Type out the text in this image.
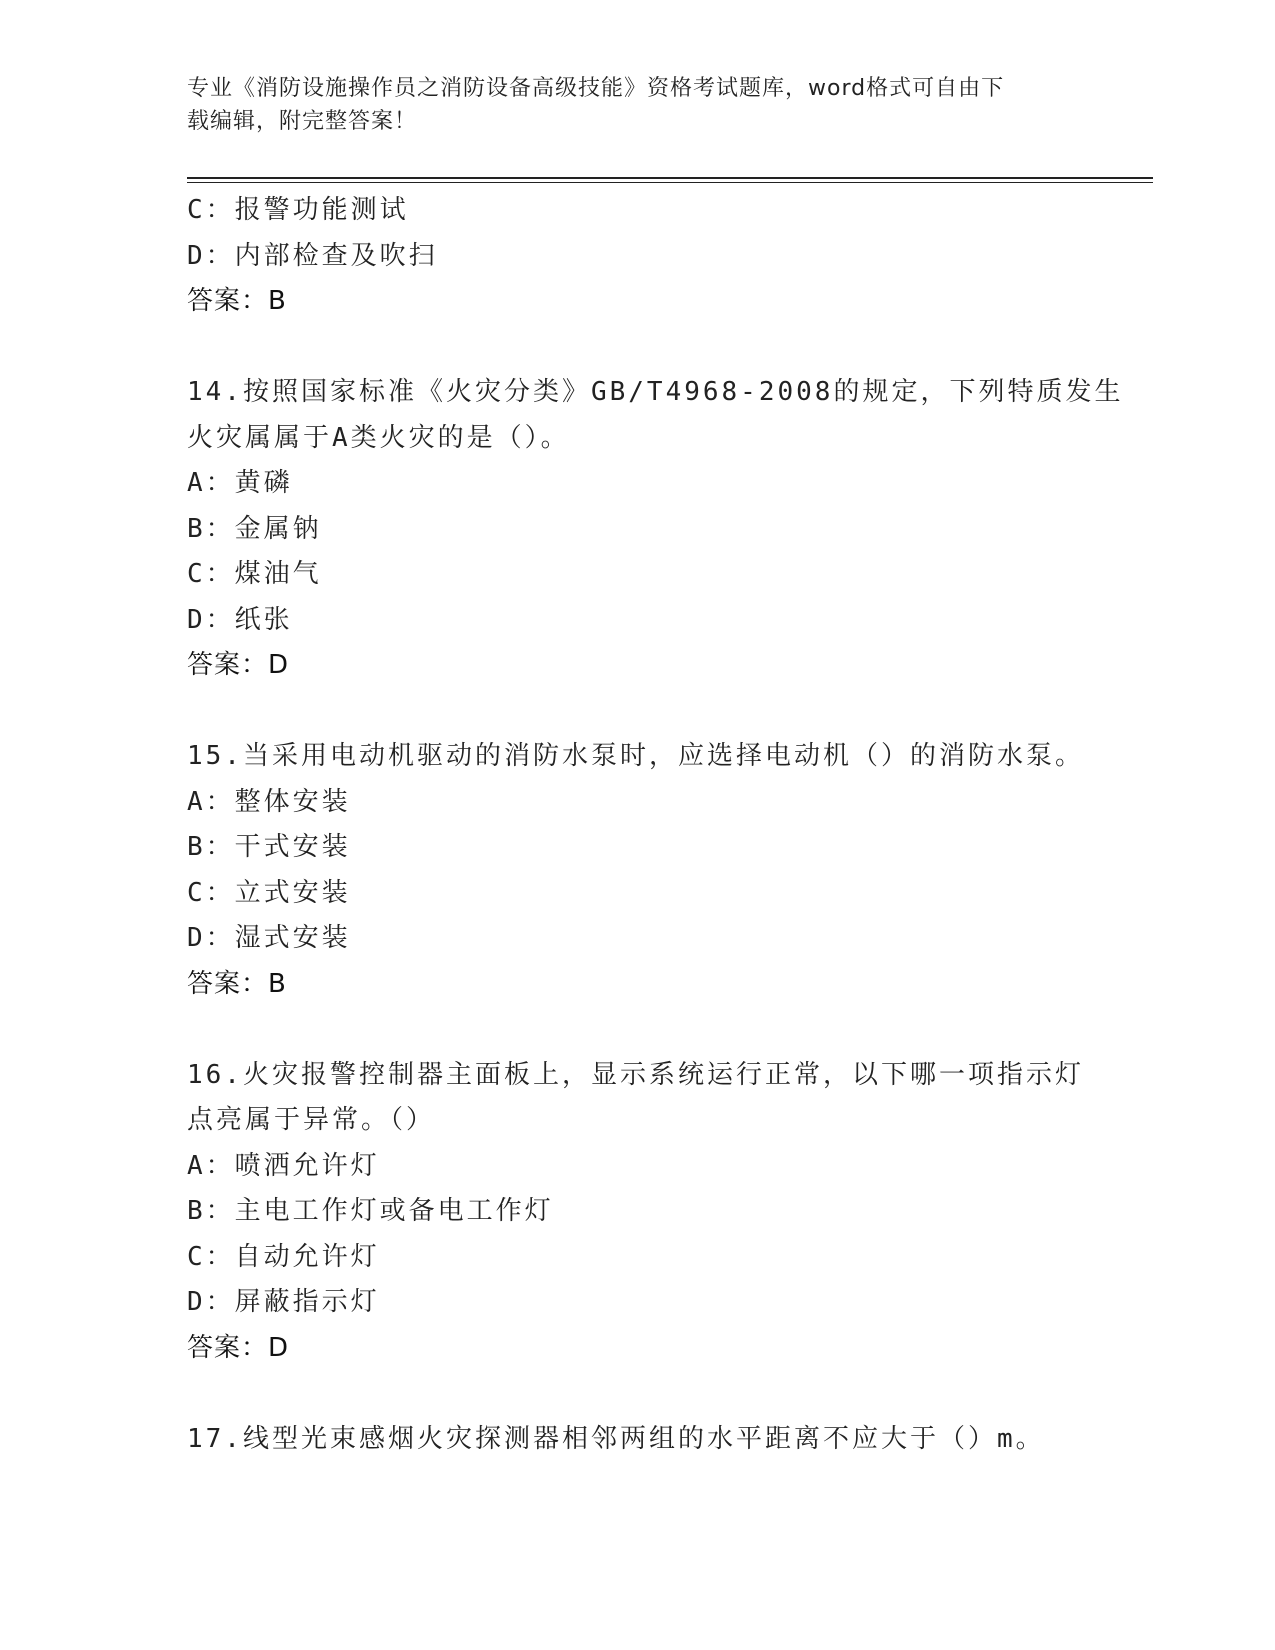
专业《消防设施操作员之消防设备高级技能》资格考试题库，word格式可自由下
载编辑，附完整答案！
C：报警功能测试
D：内部检查及吹扫
答案：B
14.按照国家标准《火灾分类》GB/T4968-2008的规定，下列特质发生
火灾属属于A类火灾的是（）。
A：黄磷
B：金属钠
C：煤油气
D：纸张
答案：D
15.当采用电动机驱动的消防水泵时，应选择电动机（）的消防水泵。
A：整体安装
B：干式安装
C：立式安装
D：湿式安装
答案：B
16.火灾报警控制器主面板上，显示系统运行正常，以下哪一项指示灯
点亮属于异常。（）
A：喷洒允许灯
B：主电工作灯或备电工作灯
C：自动允许灯
D：屏蔽指示灯
答案：D
17.线型光束感烟火灾探测器相邻两组的水平距离不应大于（）m。
